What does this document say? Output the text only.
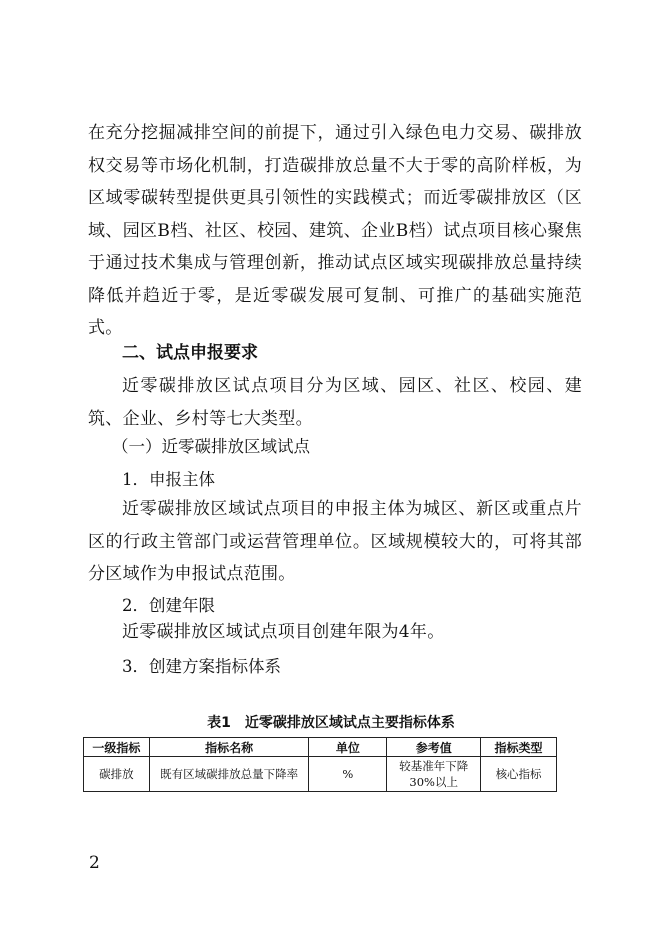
在充分挖掘减排空间的前提下，通过引入绿色电力交易、碳排放权交易等市场化机制，打造碳排放总量不大于零的高阶样板，为区域零碳转型提供更具引领性的实践模式；而近零碳排放区（区域、园区B档、社区、校园、建筑、企业B档）试点项目核心聚焦于通过技术集成与管理创新，推动试点区域实现碳排放总量持续降低并趋近于零，是近零碳发展可复制、可推广的基础实施范式。

二、试点申报要求

近零碳排放区试点项目分为区域、园区、社区、校园、建筑、企业、乡村等七大类型。

（一）近零碳排放区域试点

1．申报主体

近零碳排放区域试点项目的申报主体为城区、新区或重点片区的行政主管部门或运营管理单位。区域规模较大的，可将其部分区域作为申报试点范围。

2．创建年限

近零碳排放区域试点项目创建年限为4年。

3．创建方案指标体系

表1　近零碳排放区域试点主要指标体系

一级指标	指标名称	单位	参考值	指标类型
碳排放	既有区域碳排放总量下降率	%	较基准年下降30%以上	核心指标

2
